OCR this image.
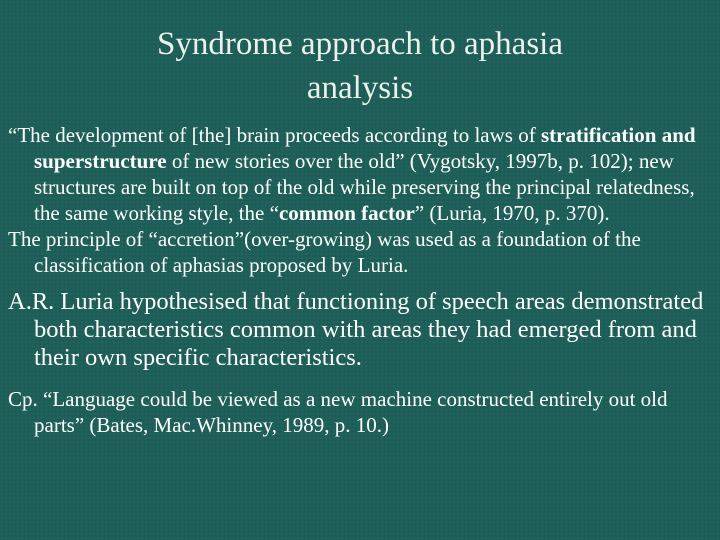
Syndrome approach to aphasia
analysis

“The development of [the] brain proceeds according to laws of stratification and superstructure of new stories over the old” (Vygotsky, 1997b, p. 102); new structures are built on top of the old while preserving the principal relatedness, the same working style, the “common factor” (Luria, 1970, p. 370).

The principle of “accretion”(over-growing) was used as a foundation of the classification of aphasias proposed by Luria.

A.R. Luria hypothesised that functioning of speech areas demonstrated both characteristics common with areas they had emerged from and their own specific characteristics.

Cp. “Language could be viewed as a new machine constructed entirely out old parts” (Bates, Mac.Whinney, 1989, p. 10.)
